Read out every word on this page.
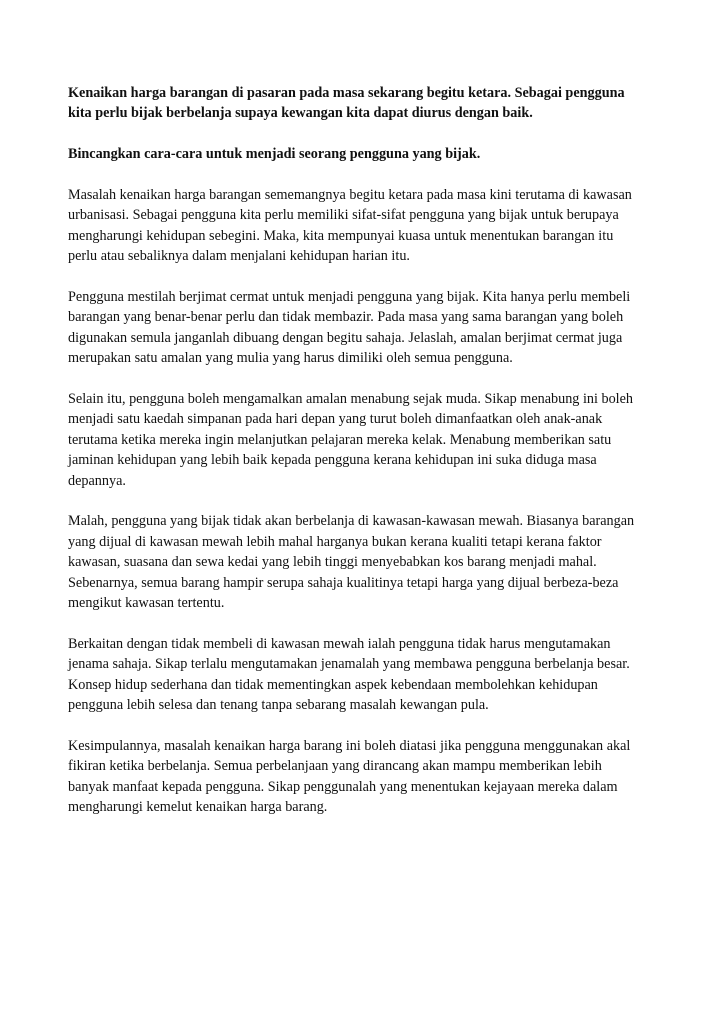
Kenaikan harga barangan di pasaran pada masa sekarang begitu ketara. Sebagai pengguna
kita perlu bijak berbelanja supaya kewangan kita dapat diurus dengan baik.

Bincangkan cara-cara untuk menjadi seorang pengguna yang bijak.

Masalah kenaikan harga barangan sememangnya begitu ketara pada masa kini terutama di kawasan
urbanisasi. Sebagai pengguna kita perlu memiliki sifat-sifat pengguna yang bijak untuk berupaya
mengharungi kehidupan sebegini. Maka, kita mempunyai kuasa untuk menentukan barangan itu
perlu atau sebaliknya dalam menjalani kehidupan harian itu.

Pengguna mestilah berjimat cermat untuk menjadi pengguna yang bijak. Kita hanya perlu membeli
barangan yang benar-benar perlu dan tidak membazir. Pada masa yang sama barangan yang boleh
digunakan semula janganlah dibuang dengan begitu sahaja. Jelaslah, amalan berjimat cermat juga
merupakan satu amalan yang mulia yang harus dimiliki oleh semua pengguna.

Selain itu, pengguna boleh mengamalkan amalan menabung sejak muda. Sikap menabung ini boleh
menjadi satu kaedah simpanan pada hari depan yang turut boleh dimanfaatkan oleh anak-anak
terutama ketika mereka ingin melanjutkan pelajaran mereka kelak. Menabung memberikan satu
jaminan kehidupan yang lebih baik kepada pengguna kerana kehidupan ini suka diduga masa
depannya.

Malah, pengguna yang bijak tidak akan berbelanja di kawasan-kawasan mewah. Biasanya barangan
yang dijual di kawasan mewah lebih mahal harganya bukan kerana kualiti tetapi kerana faktor
kawasan, suasana dan sewa kedai yang lebih tinggi menyebabkan kos barang menjadi mahal.
Sebenarnya, semua barang hampir serupa sahaja kualitinya tetapi harga yang dijual berbeza-beza
mengikut kawasan tertentu.

Berkaitan dengan tidak membeli di kawasan mewah ialah pengguna tidak harus mengutamakan
jenama sahaja. Sikap terlalu mengutamakan jenamalah yang membawa pengguna berbelanja besar.
Konsep hidup sederhana dan tidak mementingkan aspek kebendaan membolehkan kehidupan
pengguna lebih selesa dan tenang tanpa sebarang masalah kewangan pula.

Kesimpulannya, masalah kenaikan harga barang ini boleh diatasi jika pengguna menggunakan akal
fikiran ketika berbelanja. Semua perbelanjaan yang dirancang akan mampu memberikan lebih
banyak manfaat kepada pengguna. Sikap penggunalah yang menentukan kejayaan mereka dalam
mengharungi kemelut kenaikan harga barang.
